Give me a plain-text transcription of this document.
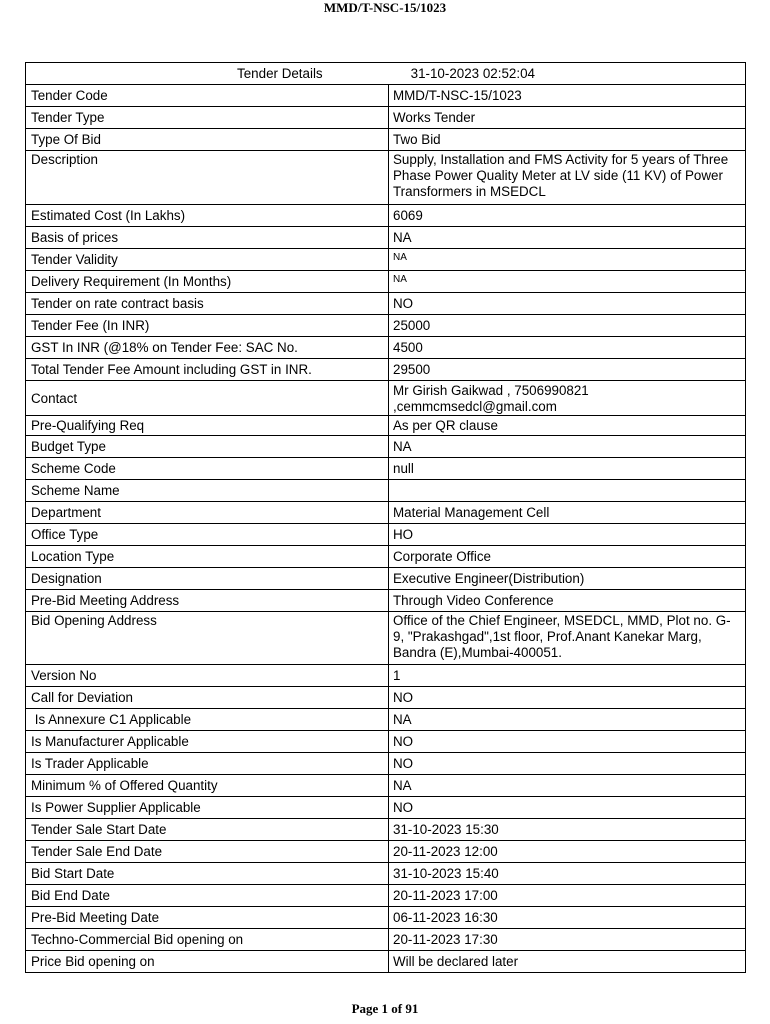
MMD/T-NSC-15/1023
Tender Details 31-10-2023 02:52:04	
Tender Code	MMD/T-NSC-15/1023
Tender Type	Works Tender
Type Of Bid	Two Bid
Description	Supply, Installation and FMS Activity for 5 years of Three Phase Power Quality Meter at LV side (11 KV) of Power Transformers in MSEDCL
Estimated Cost (In Lakhs)	6069
Basis of prices	NA
Tender Validity	NA
Delivery Requirement (In Months)	NA
Tender on rate contract basis	NO
Tender Fee (In INR)	25000
GST In INR (@18% on Tender Fee: SAC No.	4500
Total Tender Fee Amount including GST in INR.	29500
Contact	Mr Girish Gaikwad , 7506990821 ,cemmcmsedcl@gmail.com
Pre-Qualifying Req	As per QR clause
Budget Type	NA
Scheme Code	null
Scheme Name	
Department	Material Management Cell
Office Type	HO
Location Type	Corporate Office
Designation	Executive Engineer(Distribution)
Pre-Bid Meeting Address	Through Video Conference
Bid Opening Address	Office of the Chief Engineer, MSEDCL, MMD, Plot no. G-9, "Prakashgad",1st floor, Prof.Anant Kanekar Marg, Bandra (E),Mumbai-400051.
Version No	1
Call for Deviation	NO
Is Annexure C1 Applicable	NA
Is Manufacturer Applicable	NO
Is Trader Applicable	NO
Minimum % of Offered Quantity	NA
Is Power Supplier Applicable	NO
Tender Sale Start Date	31-10-2023 15:30
Tender Sale End Date	20-11-2023 12:00
Bid Start Date	31-10-2023 15:40
Bid End Date	20-11-2023 17:00
Pre-Bid Meeting Date	06-11-2023 16:30
Techno-Commercial Bid opening on	20-11-2023 17:30
Price Bid opening on	Will be declared later
Page 1 of 91
